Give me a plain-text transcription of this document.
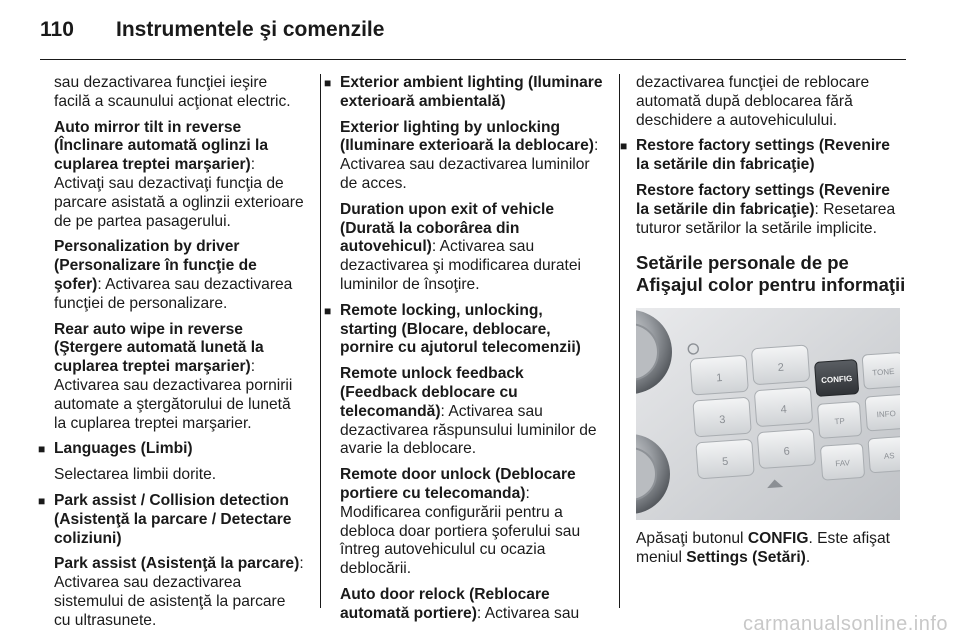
110 Instrumentele şi comenzile

sau dezactivarea funcţiei ieşire facilă a scaunului acţionat electric.

Auto mirror tilt in reverse (Înclinare automată oglinzi la cuplarea treptei marşarier): Activaţi sau dezactivaţi funcţia de parcare asistată a oglinzii exterioare de pe partea pasagerului.

Personalization by driver (Personalizare în funcţie de şofer): Activarea sau dezactivarea funcţiei de personalizare.

Rear auto wipe in reverse (Ştergere automată lunetă la cuplarea treptei marşarier): Activarea sau dezactivarea pornirii automate a ştergătorului de lunetă la cuplarea treptei marşarier.

■ Languages (Limbi)

Selectarea limbii dorite.

■ Park assist / Collision detection (Asistenţă la parcare / Detectare coliziuni)

Park assist (Asistenţă la parcare): Activarea sau dezactivarea sistemului de asistenţă la parcare cu ultrasunete.

■ Exterior ambient lighting (Iluminare exterioară ambientală)

Exterior lighting by unlocking (Iluminare exterioară la deblocare): Activarea sau dezactivarea luminilor de acces.

Duration upon exit of vehicle (Durată la coborârea din autovehicul): Activarea sau dezactivarea şi modificarea duratei luminilor de însoţire.

■ Remote locking, unlocking, starting (Blocare, deblocare, pornire cu ajutorul telecomenzii)

Remote unlock feedback (Feedback deblocare cu telecomandă): Activarea sau dezactivarea răspunsului luminilor de avarie la deblocare.

Remote door unlock (Deblocare portiere cu telecomanda): Modificarea configurării pentru a debloca doar portiera şoferului sau întreg autovehiculul cu ocazia deblocării.

Auto door relock (Reblocare automată portiere): Activarea sau

dezactivarea funcţiei de reblocare automată după deblocarea fără deschidere a autovehiculului.

■ Restore factory settings (Revenire la setările din fabricaţie)

Restore factory settings (Revenire la setările din fabricaţie): Resetarea tuturor setărilor la setările implicite.

Setările personale de pe Afişajul color pentru informaţii
1
2
3
4
5
6
CONFIG
TONE
TP
INFO
FAV
AS

Apăsaţi butonul CONFIG. Este afişat meniul Settings (Setări).

carmanualsonline.info
